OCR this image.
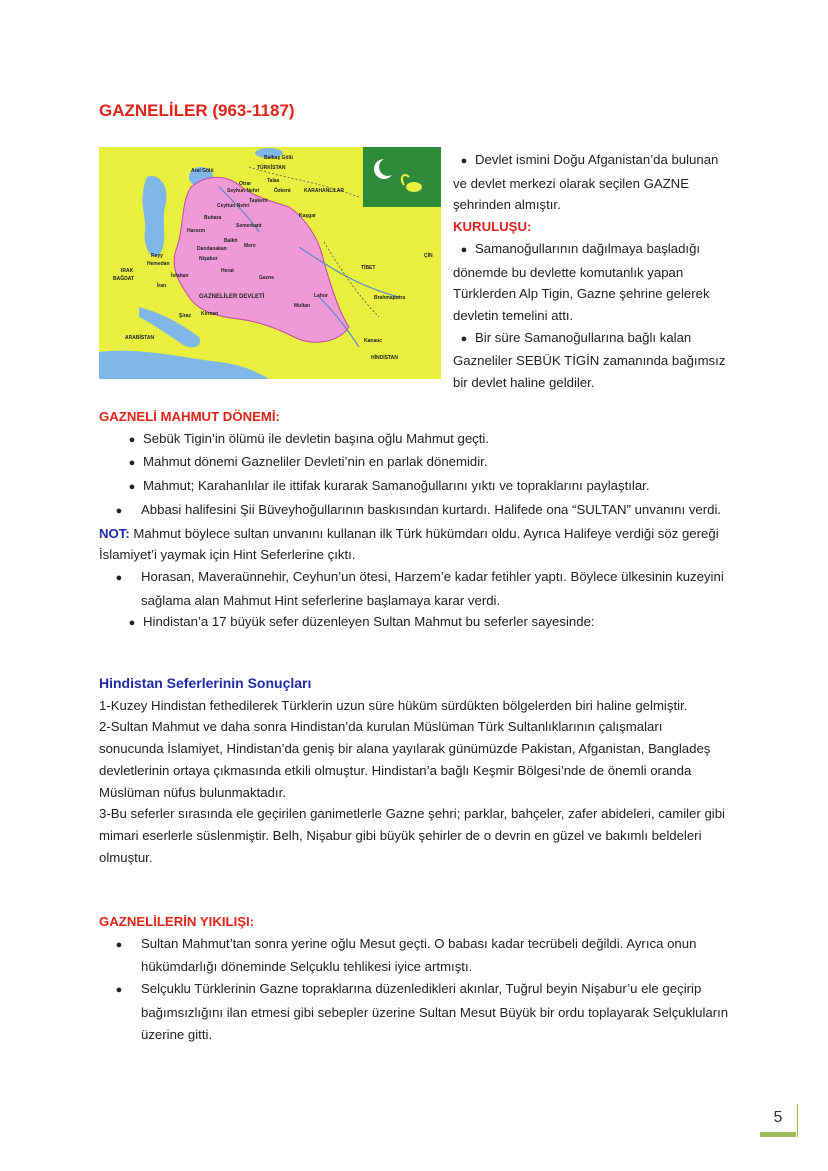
GAZNELİLER (963-1187)
Balkaş Gölü
TÜRKİSTAN
Aral Gölü
Talas
KARAHANLILAR
Özkent
Seyhun Nehri
Otrar
Taşkent
Ceyhun Nehri
Kaşgar
Buhara
Semerkant
Harezm
Balkh
Dandanakan	Merv
Nişabur
Herat
Gazne
Reyy
Hemedan
IRAK
BAĞDAT
ARABİSTAN
GAZNELİLER DEVLETİ
Kirman
Şiraz
İsfahan
TİBET
ÇİN
HİNDİSTAN
Kanauc
Brahmaputra
Lahor
Multan
İran

● Devlet ismini Doğu Afganistan’da bulunan ve devlet merkezi olarak seçilen GAZNE şehrinden almıştır.

KURULUŞU:

● Samanoğullarının dağılmaya başladığı dönemde bu devlette komutanlık yapan Türklerden Alp Tigin, Gazne şehrine gelerek devletin temelini attı.

● Bir süre Samanoğullarına bağlı kalan Gazneliler SEBÜK TİGİN zamanında bağımsız bir devlet haline geldiler.

GAZNELİ MAHMUT DÖNEMİ:

● Sebük Tigin’in ölümü ile devletin başına oğlu Mahmut geçti.

● Mahmut dönemi Gazneliler Devleti’nin en parlak dönemidir.

● Mahmut; Karahanlılar ile ittifak kurarak Samanoğullarını yıktı ve topraklarını paylaştılar.

● Abbasi halifesini Şii Büveyhoğullarının baskısından kurtardı. Halifede ona “SULTAN” unvanını verdi.

NOT: Mahmut böylece sultan unvanını kullanan ilk Türk hükümdarı oldu. Ayrıca Halifeye verdiği söz gereği İslamiyet’i yaymak için Hint Seferlerine çıktı.

● Horasan, Maveraünnehir, Ceyhun’un ötesi, Harzem’e kadar fetihler yaptı. Böylece ülkesinin kuzeyini sağlama alan Mahmut Hint seferlerine başlamaya karar verdi.

● Hindistan’a 17 büyük sefer düzenleyen Sultan Mahmut bu seferler sayesinde:

Hindistan Seferlerinin Sonuçları

1-Kuzey Hindistan fethedilerek Türklerin uzun süre hüküm sürdükten bölgelerden biri haline gelmiştir.

2-Sultan Mahmut ve daha sonra Hindistan’da kurulan Müslüman Türk Sultanlıklarının çalışmaları sonucunda İslamiyet, Hindistan’da geniş bir alana yayılarak günümüzde Pakistan, Afganistan, Bangladeş devletlerinin ortaya çıkmasında etkili olmuştur. Hindistan’a bağlı Keşmir Bölgesi’nde de önemli oranda Müslüman nüfus bulunmaktadır.

3-Bu seferler sırasında ele geçirilen ganimetlerle Gazne şehri; parklar, bahçeler, zafer abideleri, camiler gibi mimari eserlerle süslenmiştir. Belh, Nişabur gibi büyük şehirler de o devrin en güzel ve bakımlı beldeleri olmuştur.

GAZNELİLERİN YIKILIŞI:

● Sultan Mahmut’tan sonra yerine oğlu Mesut geçti. O babası kadar tecrübeli değildi. Ayrıca onun hükümdarlığı döneminde Selçuklu tehlikesi iyice artmıştı.

● Selçuklu Türklerinin Gazne topraklarına düzenledikleri akınlar, Tuğrul beyin Nişabur’u ele geçirip bağımsızlığını ilan etmesi gibi sebepler üzerine Sultan Mesut Büyük bir ordu toplayarak Selçukluların üzerine gitti.

5
